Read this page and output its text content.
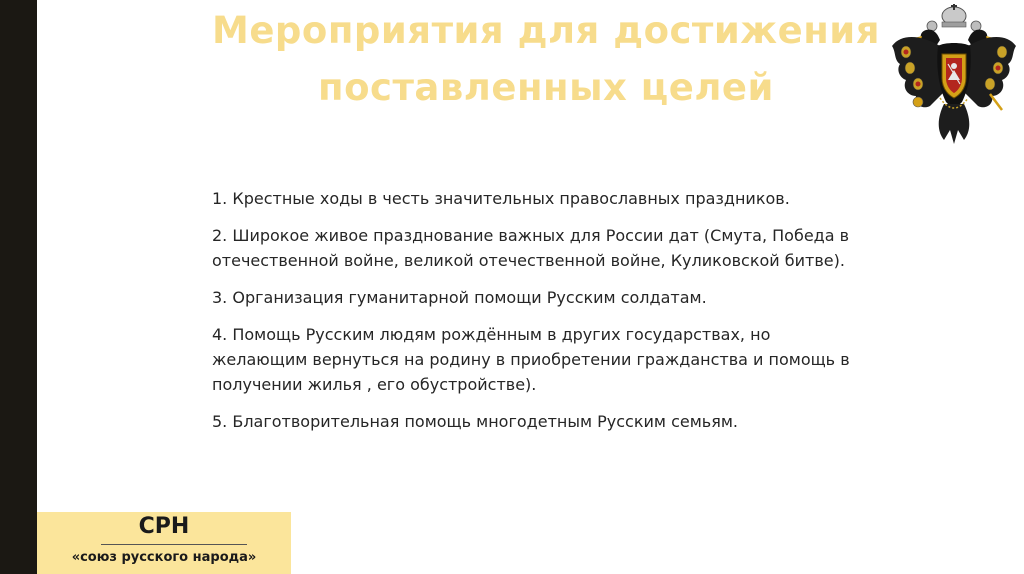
Мероприятия для достижения поставленных целей

1. Крестные ходы в честь значительных православных праздников.

2. Широкое живое празднование важных для России дат (Смута, Победа в отечественной войне, великой отечественной войне, Куликовской битве).

3. Организация гуманитарной помощи Русским солдатам.

4. Помощь Русским людям рождённым в других государствах, но желающим вернуться на родину в приобретении гражданства и помощь в получении жилья , его обустройстве).

5. Благотворительная помощь многодетным Русским семьям.

СРН
«союз русского народа»
